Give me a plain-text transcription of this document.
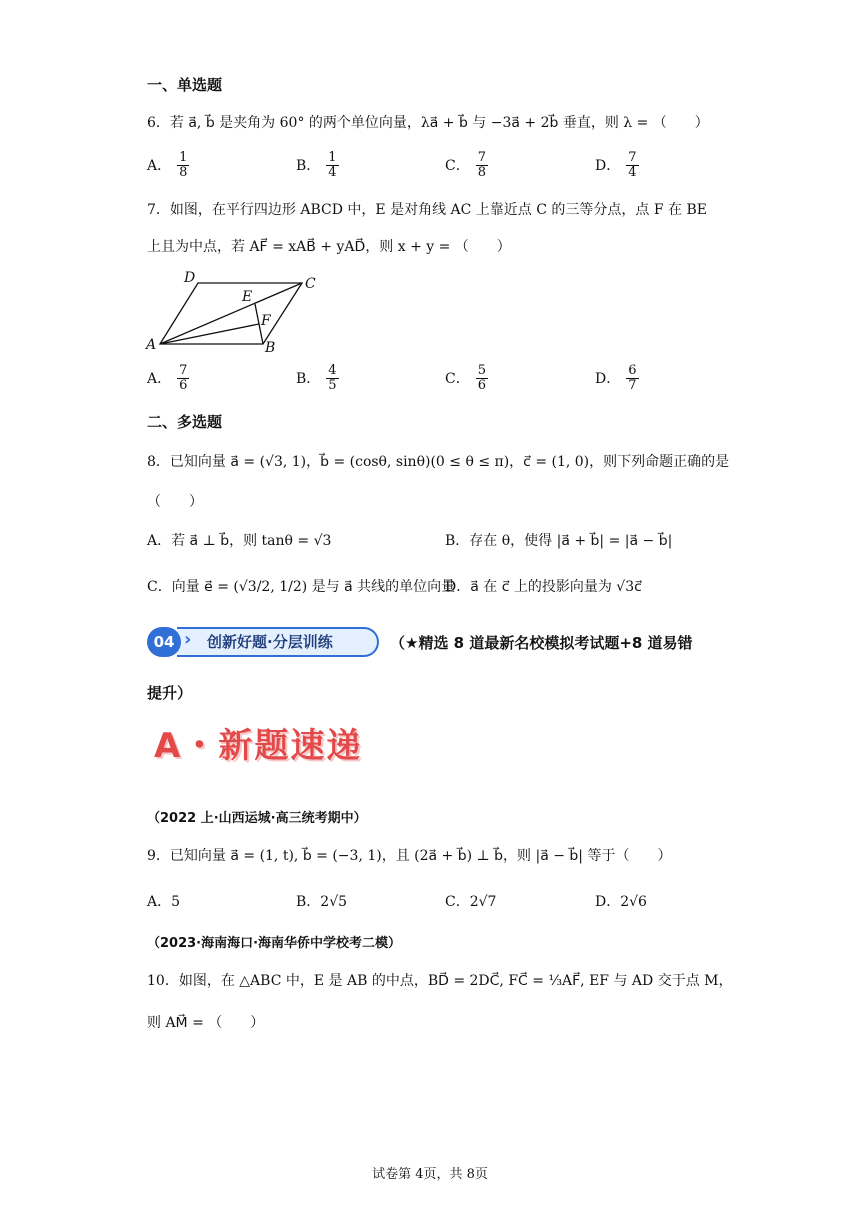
一、单选题
6．若 a⃗, b⃗ 是夹角为 60° 的两个单位向量，λa⃗ + b⃗ 与 −3a⃗ + 2b⃗ 垂直，则 λ = （　　）
A． $\frac{1}{8}$	B． $\frac{1}{4}$	C． $\frac{7}{8}$	D． $\frac{7}{4}$
7．如图，在平行四边形 ABCD 中，E 是对角线 AC 上靠近点 C 的三等分点，点 F 在 BE
上且为中点，若 AF⃗ = xAB⃗ + yAD⃗，则 x + y = （　　）
A	B
C
D
E
F
A． $\frac{7}{6}$	B． $\frac{4}{5}$	C． $\frac{5}{6}$	D． $\frac{6}{7}$
二、多选题
8．已知向量 a⃗ = (√3, 1)，b⃗ = (cosθ, sinθ)(0 ≤ θ ≤ π)，c⃗ = (1, 0)，则下列命题正确的是
（　　）
A．若 a⃗ ⊥ b⃗，则 tanθ = √3	B．存在 θ，使得 |a⃗ + b⃗| = |a⃗ − b⃗|
C．向量 e⃗ = (√3/2, 1/2) 是与 a⃗ 共线的单位向量
D．a⃗ 在 c⃗ 上的投影向量为 √3c⃗
04 › 创新好题·分层训练	（★精选 8 道最新名校模拟考试题+8 道易错
提升）
A・新题速递
（2022 上·山西运城·高三统考期中）
9．已知向量 a⃗ = (1, t), b⃗ = (−3, 1)，且 (2a⃗ + b⃗) ⊥ b⃗，则 |a⃗ − b⃗| 等于（　　）
A．5	B．2√5	C．2√7	D．2√6
（2023·海南海口·海南华侨中学校考二模）
10．如图，在 △ABC 中，E 是 AB 的中点，BD⃗ = 2DC⃗, FC⃗ = ⅓AF⃗, EF 与 AD 交于点 M，
则 AM⃗ = （　　）
试卷第 4页，共 8页
